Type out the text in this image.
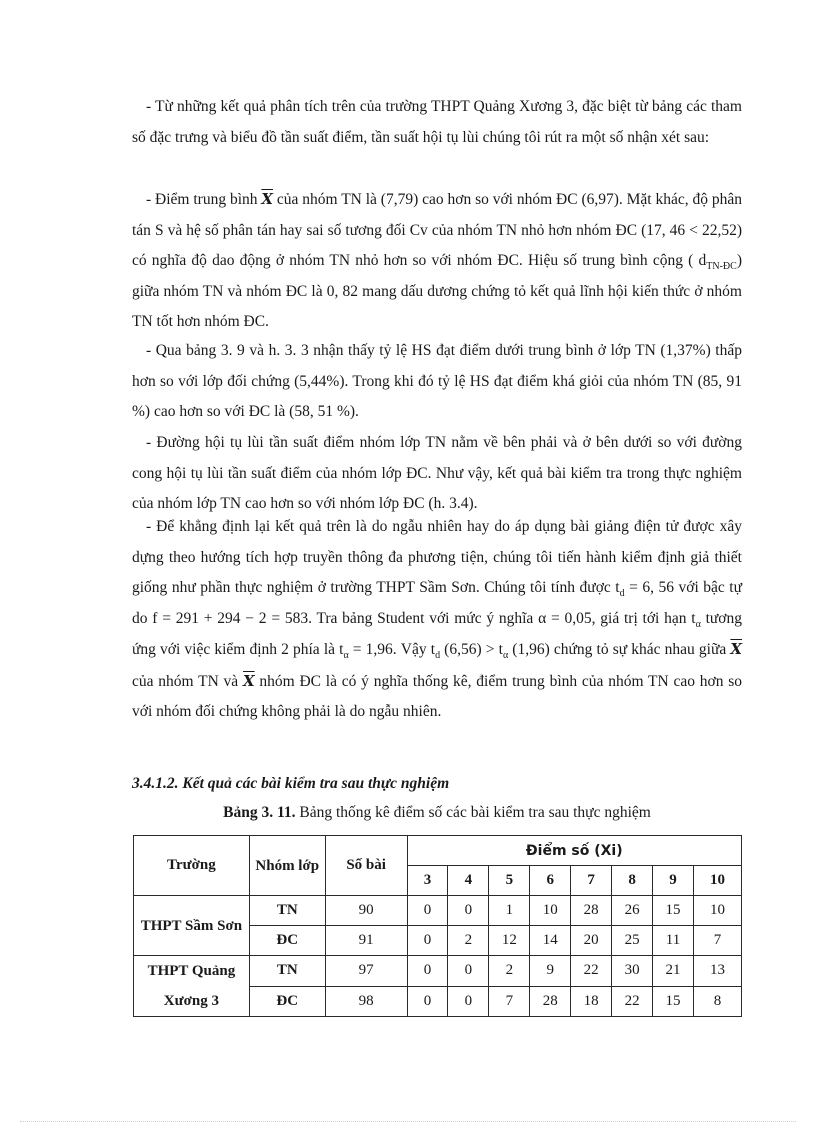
- Từ những kết quả phân tích trên của trường THPT Quảng Xương 3, đặc biệt từ bảng các tham số đặc trưng và biểu đồ tần suất điểm, tần suất hội tụ lùi chúng tôi rút ra một số nhận xét sau:

- Điểm trung bình $\overline{X}$ của nhóm TN là (7,79) cao hơn so với nhóm ĐC (6,97). Mặt khác, độ phân tán S và hệ số phân tán hay sai số tương đối Cv của nhóm TN nhỏ hơn nhóm ĐC (17, 46 < 22,52) có nghĩa độ dao động ở nhóm TN nhỏ hơn so với nhóm ĐC. Hiệu số trung bình cộng ( $d_{TN-ĐC}$) giữa nhóm TN và nhóm ĐC là 0, 82 mang dấu dương chứng tỏ kết quả lĩnh hội kiến thức ở nhóm TN tốt hơn nhóm ĐC.

- Qua bảng 3. 9 và h. 3. 3 nhận thấy tỷ lệ HS đạt điểm dưới trung bình ở lớp TN (1,37%) thấp hơn so với lớp đối chứng (5,44%). Trong khi đó tỷ lệ HS đạt điểm khá giỏi của nhóm TN (85, 91 %) cao hơn so với ĐC là (58, 51 %).

- Đường hội tụ lùi tần suất điểm nhóm lớp TN nằm về bên phải và ở bên dưới so với đường cong hội tụ lùi tần suất điểm của nhóm lớp ĐC. Như vậy, kết quả bài kiểm tra trong thực nghiệm của nhóm lớp TN cao hơn so với nhóm lớp ĐC (h. 3.4).

- Để khẳng định lại kết quả trên là do ngẫu nhiên hay do áp dụng bài giảng điện tử được xây dựng theo hướng tích hợp truyền thông đa phương tiện, chúng tôi tiến hành kiểm định giả thiết giống như phần thực nghiệm ở trường THPT Sầm Sơn. Chúng tôi tính được $t_d = 6$, 56 với bậc tự do f = 291 + 294 − 2 = 583. Tra bảng Student với mức ý nghĩa α = 0,05, giá trị tới hạn $t_\alpha$ tương ứng với việc kiểm định 2 phía là $t_\alpha = 1,96$. Vậy $t_d$ $(6,56) > t_\alpha$ (1,96) chứng tỏ sự khác nhau giữa $\overline{X}$ của nhóm TN và $\overline{X}$ nhóm ĐC là có ý nghĩa thống kê, điểm trung bình của nhóm TN cao hơn so với nhóm đối chứng không phải là do ngẫu nhiên.

3.4.1.2. Kết quả các bài kiểm tra sau thực nghiệm

Bảng 3. 11. Bảng thống kê điểm số các bài kiểm tra sau thực nghiệm

Trường	Nhóm lớp	Số bài	Điểm số (Xi)							
			3	4	5	6	7	8	9	10
THPT Sầm Sơn	TN	90	0	0	1	10	28	26	15	10
	ĐC	91	0	2	12	14	20	25	11	7
THPT Quảng Xương 3	TN	97	0	0	2	9	22	30	21	13
	ĐC	98	0	0	7	28	18	22	15	8
